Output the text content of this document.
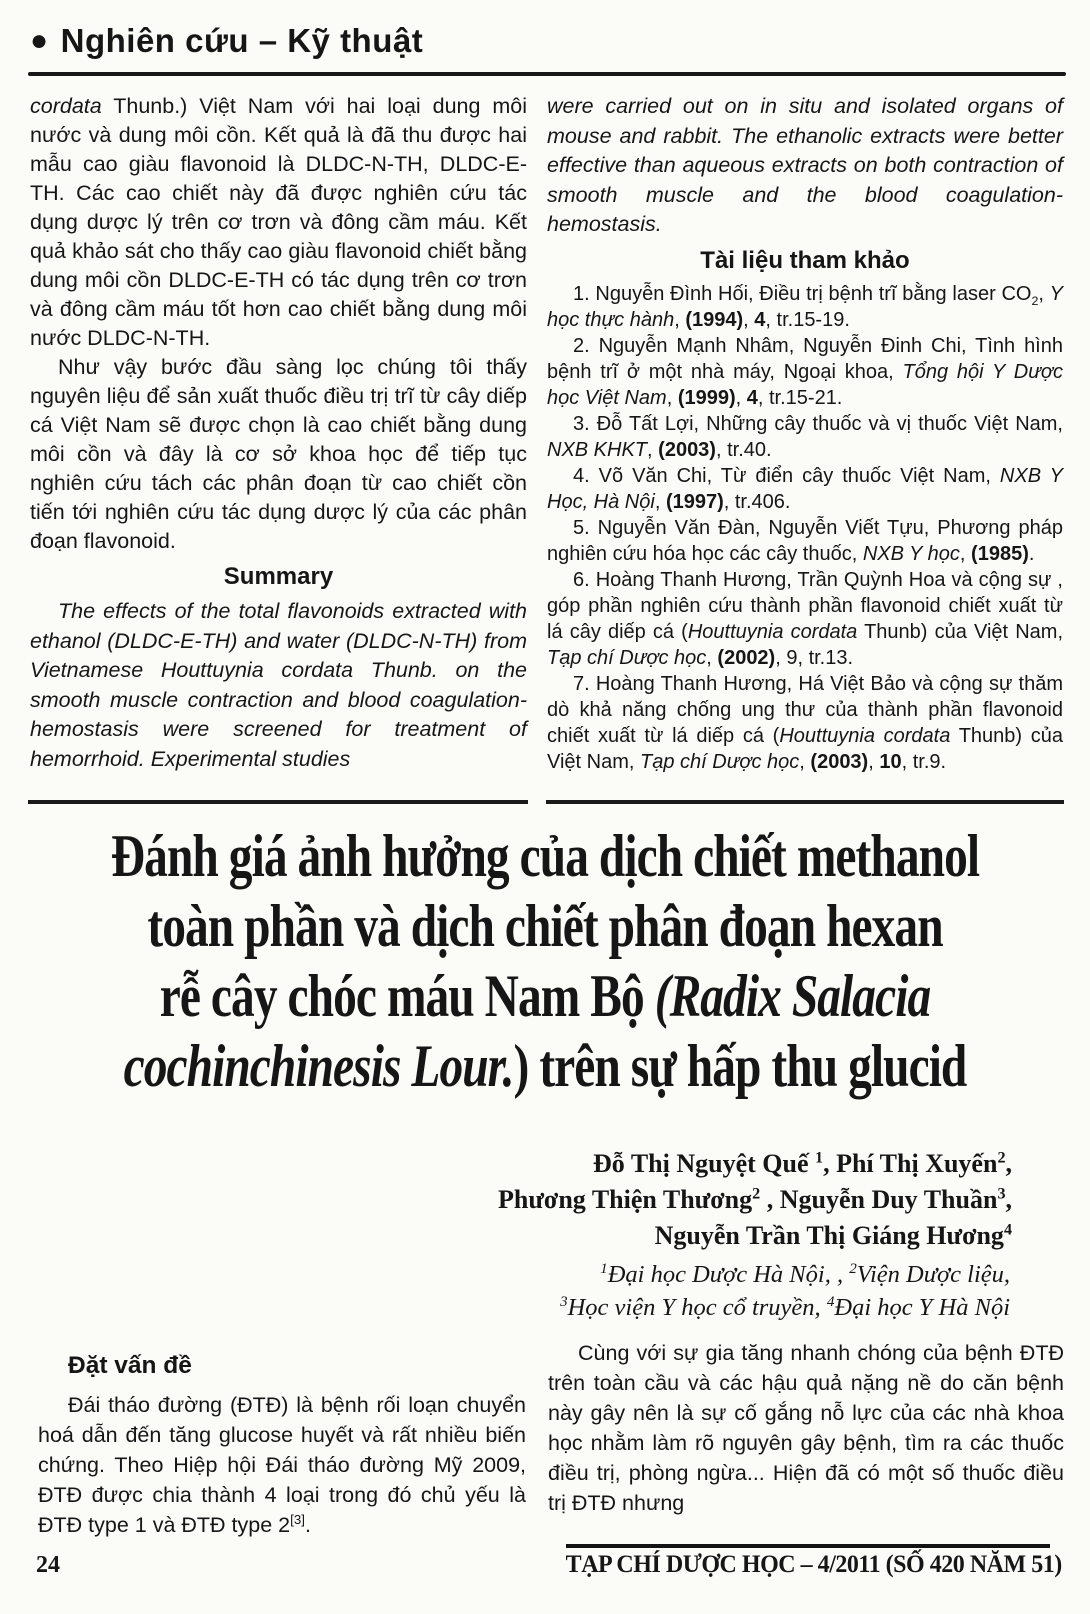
● Nghiên cứu – Kỹ thuật

cordata Thunb.) Việt Nam với hai loại dung môi nước và dung môi cồn. Kết quả là đã thu được hai mẫu cao giàu flavonoid là DLDC-N-TH, DLDC-E-TH. Các cao chiết này đã được nghiên cứu tác dụng dược lý trên cơ trơn và đông cầm máu. Kết quả khảo sát cho thấy cao giàu flavonoid chiết bằng dung môi cồn DLDC-E-TH có tác dụng trên cơ trơn và đông cầm máu tốt hơn cao chiết bằng dung môi nước DLDC-N-TH.

Như vậy bước đầu sàng lọc chúng tôi thấy nguyên liệu để sản xuất thuốc điều trị trĩ từ cây diếp cá Việt Nam sẽ được chọn là cao chiết bằng dung môi cồn và đây là cơ sở khoa học để tiếp tục nghiên cứu tách các phân đoạn từ cao chiết cồn tiến tới nghiên cứu tác dụng dược lý của các phân đoạn flavonoid.

Summary

The effects of the total flavonoids extracted with ethanol (DLDC-E-TH) and water (DLDC-N-TH) from Vietnamese Houttuynia cordata Thunb. on the smooth muscle contraction and blood coagulation-hemostasis were screened for treatment of hemorrhoid. Experimental studies

were carried out on in situ and isolated organs of mouse and rabbit. The ethanolic extracts were better effective than aqueous extracts on both contraction of smooth muscle and the blood coagulation-hemostasis.

Tài liệu tham khảo

1. Nguyễn Đình Hối, Điều trị bệnh trĩ bằng laser $CO_2$, Y học thực hành, (1994), 4, tr.15-19.

2. Nguyễn Mạnh Nhâm, Nguyễn Đinh Chi, Tình hình bệnh trĩ ở một nhà máy, Ngoại khoa, Tổng hội Y Dược học Việt Nam, (1999), 4, tr.15-21.

3. Đỗ Tất Lợi, Những cây thuốc và vị thuốc Việt Nam, NXB KHKT, (2003), tr.40.

4. Võ Văn Chi, Từ điển cây thuốc Việt Nam, NXB Y Học, Hà Nội, (1997), tr.406.

5. Nguyễn Văn Đàn, Nguyễn Viết Tựu, Phương pháp nghiên cứu hóa học các cây thuốc, NXB Y học, (1985).

6. Hoàng Thanh Hương, Trần Quỳnh Hoa và cộng sự , góp phần nghiên cứu thành phần flavonoid chiết xuất từ lá cây diếp cá (Houttuynia cordata Thunb) của Việt Nam, Tạp chí Dược học, (2002), 9, tr.13.

7. Hoàng Thanh Hương, Há Việt Bảo và cộng sự thăm dò khả năng chống ung thư của thành phần flavonoid chiết xuất từ lá diếp cá (Houttuynia cordata Thunb) của Việt Nam, Tạp chí Dược học, (2003), 10, tr.9.

Đánh giá ảnh hưởng của dịch chiết methanol
toàn phần và dịch chiết phân đoạn hexan
rễ cây chóc máu Nam Bộ (Radix Salacia
cochinchinesis Lour.) trên sự hấp thu glucid
Đỗ Thị Nguyệt Quế $^1$, Phí Thị Xuyến$^2$,
Phương Thiện Thương$^2$ , Nguyễn Duy Thuần$^3$,
Nguyễn Trần Thị Giáng Hương$^4$
$^1$Đại học Dược Hà Nội, , $^2$Viện Dược liệu,
$^3$Học viện Y học cổ truyền, $^4$Đại học Y Hà Nội
Đặt vấn đề

Đái tháo đường (ĐTĐ) là bệnh rối loạn chuyển hoá dẫn đến tăng glucose huyết và rất nhiều biến chứng. Theo Hiệp hội Đái tháo đường Mỹ 2009, ĐTĐ được chia thành 4 loại trong đó chủ yếu là ĐTĐ type 1 và ĐTĐ type 2[3].

Cùng với sự gia tăng nhanh chóng của bệnh ĐTĐ trên toàn cầu và các hậu quả nặng nề do căn bệnh này gây nên là sự cố gắng nỗ lực của các nhà khoa học nhằm làm rõ nguyên gây bệnh, tìm ra các thuốc điều trị, phòng ngừa... Hiện đã có một số thuốc điều trị ĐTĐ nhưng

24	TẠP CHÍ DƯỢC HỌC – 4/2011 (SỐ 420 NĂM 51)
